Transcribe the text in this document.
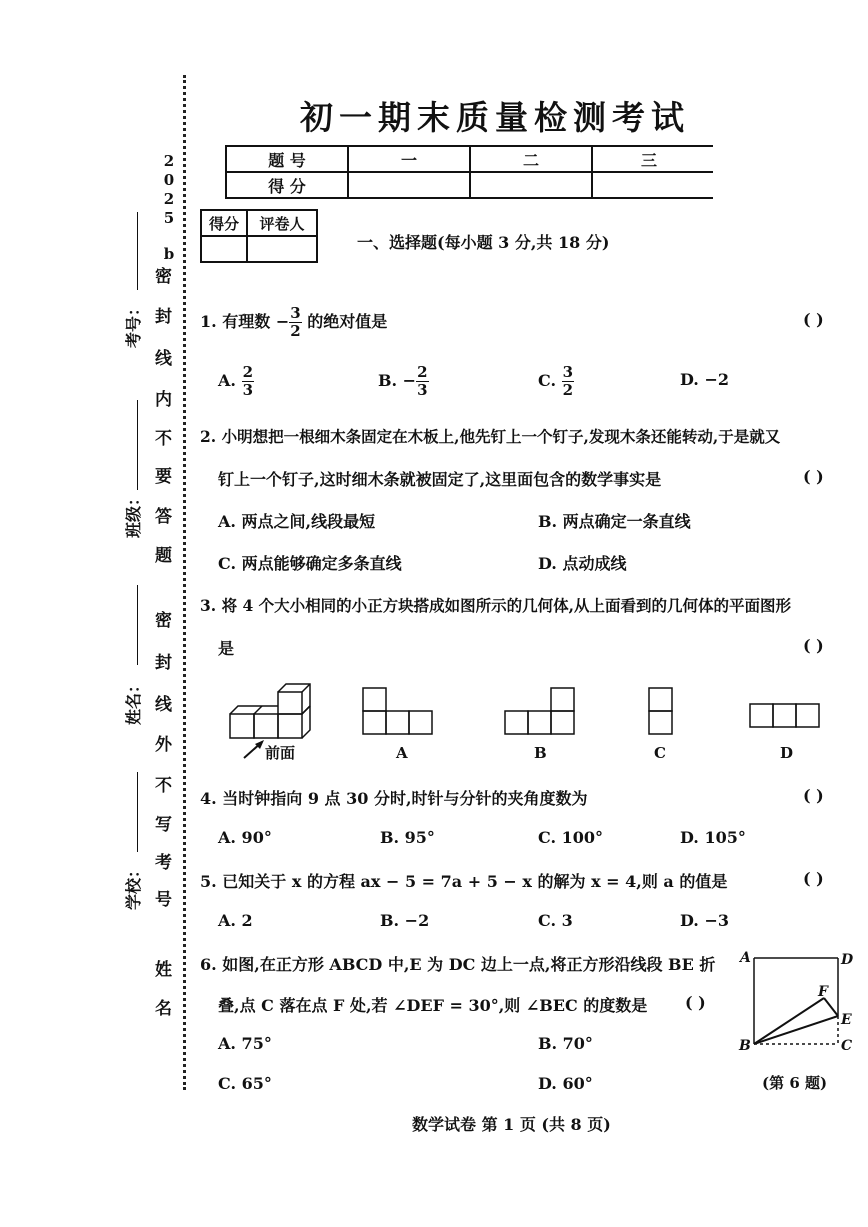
2
0
2
5
b
密
封
线
内
不
要
答
题
密
封
线
外
不
写
考
号
姓
名
考号：
班级：
姓名：
学校：
初一期末质量检测考试
题 号	一	二	三
得 分			
得分	评卷人

一、选择题(每小题 3 分,共 18 分)
1. 有理数 − $\frac{3}{2}$ 的绝对值是	( )
A. $\frac{2}{3}$	B. − $\frac{2}{3}$	C. $\frac{3}{2}$	D. −2
2. 小明想把一根细木条固定在木板上,他先钉上一个钉子,发现木条还能转动,于是就又
钉上一个钉子,这时细木条就被固定了,这里面包含的数学事实是	( )
A. 两点之间,线段最短	B. 两点确定一条直线
C. 两点能够确定多条直线	D. 点动成线
3. 将 4 个大小相同的小正方块搭成如图所示的几何体,从上面看到的几何体的平面图形
是	( )
前面	A	B	C	D
4. 当时钟指向 9 点 30 分时,时针与分针的夹角度数为	( )
A. 90°	B. 95°	C. 100°	D. 105°
5. 已知关于 x 的方程 ax − 5 = 7a + 5 − x 的解为 x = 4,则 a 的值是	( )
A. 2	B. −2	C. 3	D. −3
6. 如图,在正方形 ABCD 中,E 为 DC 边上一点,将正方形沿线段 BE 折
叠,点 C 落在点 F 处,若 ∠DEF = 30°,则 ∠BEC 的度数是 ( )
A. 75°	B. 70°
C. 65°	D. 60°
A	D
F
E
B	C
(第 6 题)
数学试卷 第 1 页 (共 8 页)
